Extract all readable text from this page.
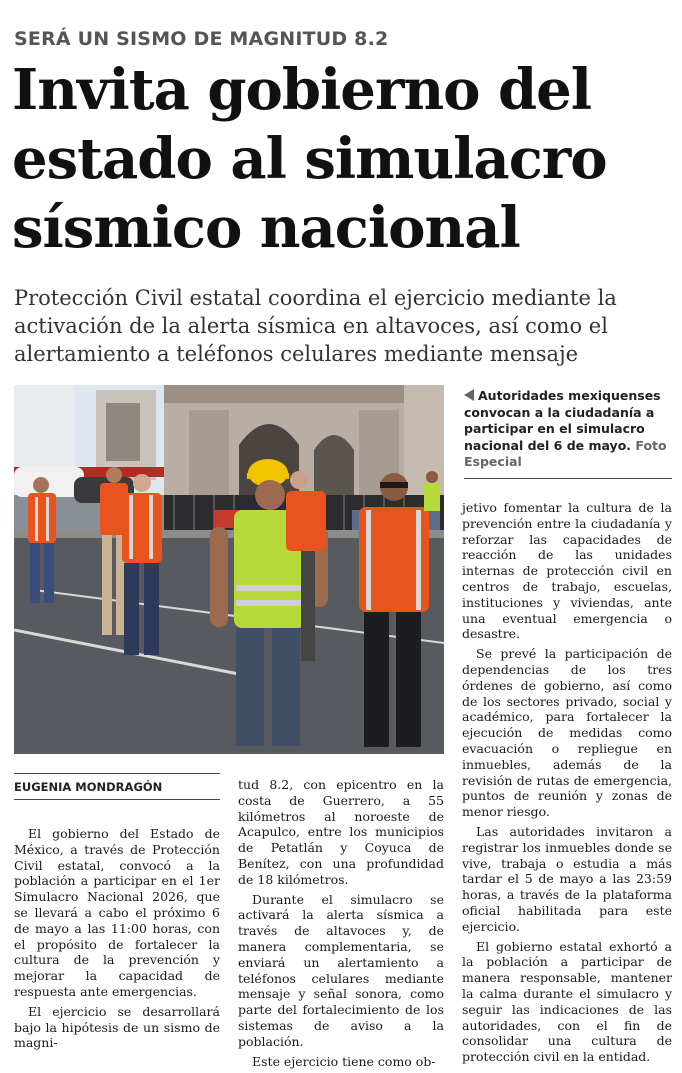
SERÁ UN SISMO DE MAGNITUD 8.2
Invita gobierno del
estado al simulacro
sísmico nacional
Protección Civil estatal coordina el ejercicio mediante la
activación de la alerta sísmica en altavoces, así como el
alertamiento a teléfonos celulares mediante mensaje
Autoridades mexiquenses convocan a la ciudadanía a participar en el simulacro nacional del 6 de mayo. Foto Especial
EUGENIA MONDRAGÓN

El gobierno del Estado de México, a través de Protección Civil estatal, convocó a la población a participar en el 1er Simulacro Nacional 2026, que se llevará a cabo el próximo 6 de mayo a las 11:00 horas, con el propósito de fortalecer la cultura de la prevención y mejorar la capacidad de respuesta ante emergencias.

El ejercicio se desarrollará bajo la hipótesis de un sismo de magni-

tud 8.2, con epicentro en la costa de Guerrero, a 55 kilómetros al noroeste de Acapulco, entre los municipios de Petatlán y Coyuca de Benítez, con una profundidad de 18 kilómetros.

Durante el simulacro se activará la alerta sísmica a través de altavoces y, de manera complementaria, se enviará un alertamiento a teléfonos celulares mediante mensaje y señal sonora, como parte del fortalecimiento de los sistemas de aviso a la población.

Este ejercicio tiene como ob-

jetivo fomentar la cultura de la prevención entre la ciudadanía y reforzar las capacidades de reacción de las unidades internas de protección civil en centros de trabajo, escuelas, instituciones y viviendas, ante una eventual emergencia o desastre.

Se prevé la participación de dependencias de los tres órdenes de gobierno, así como de los sectores privado, social y académico, para fortalecer la ejecución de medidas como evacuación o repliegue en inmuebles, además de la revisión de rutas de emergencia, puntos de reunión y zonas de menor riesgo.

Las autoridades invitaron a registrar los inmuebles donde se vive, trabaja o estudia a más tardar el 5 de mayo a las 23:59 horas, a través de la plataforma oficial habilitada para este ejercicio.

El gobierno estatal exhortó a la población a participar de manera responsable, mantener la calma durante el simulacro y seguir las indicaciones de las autoridades, con el fin de consolidar una cultura de protección civil en la entidad.
